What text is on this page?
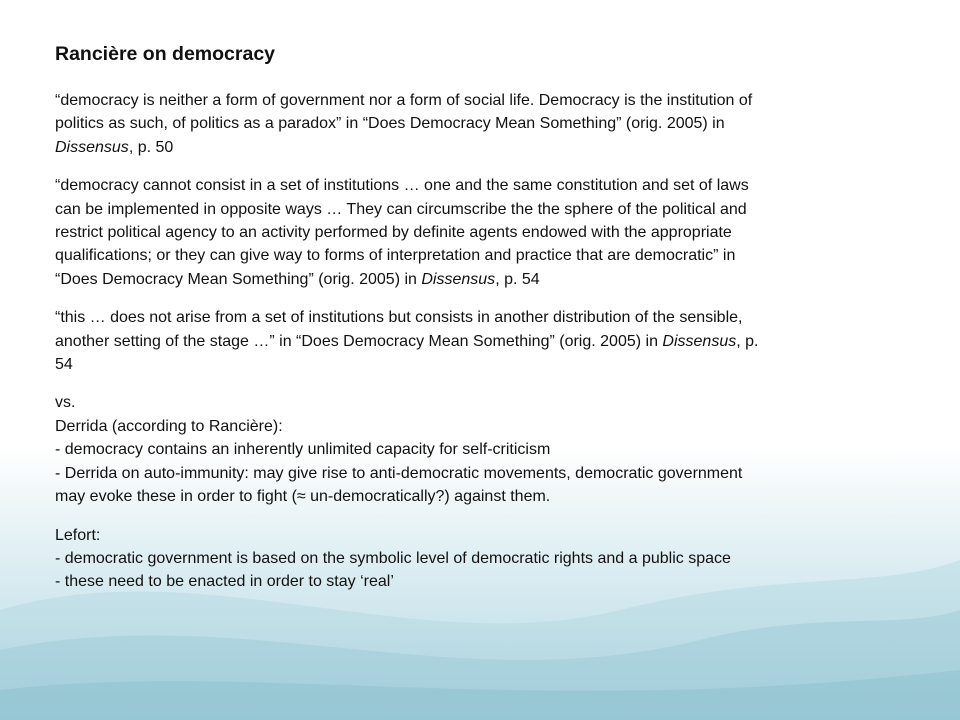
Rancière on democracy
“democracy is neither a form of government nor a form of social life. Democracy is the institution of
politics as such, of politics as a paradox” in “Does Democracy Mean Something” (orig. 2005) in
Dissensus, p. 50
“democracy cannot consist in a set of institutions … one and the same constitution and set of laws
can be implemented in opposite ways … They can circumscribe the the sphere of the political and
restrict political agency to an activity performed by definite agents endowed with the appropriate
qualifications; or they can give way to forms of interpretation and practice that are democratic” in
“Does Democracy Mean Something” (orig. 2005) in Dissensus, p. 54
“this … does not arise from a set of institutions but consists in another distribution of the sensible,
another setting of the stage …” in “Does Democracy Mean Something” (orig. 2005) in Dissensus, p.
54
vs.
Derrida (according to Rancière):
- democracy contains an inherently unlimited capacity for self-criticism
- Derrida on auto-immunity: may give rise to anti-democratic movements, democratic government
may evoke these in order to fight (≈ un-democratically?) against them.
Lefort:
- democratic government is based on the symbolic level of democratic rights and a public space
- these need to be enacted in order to stay ‘real’
